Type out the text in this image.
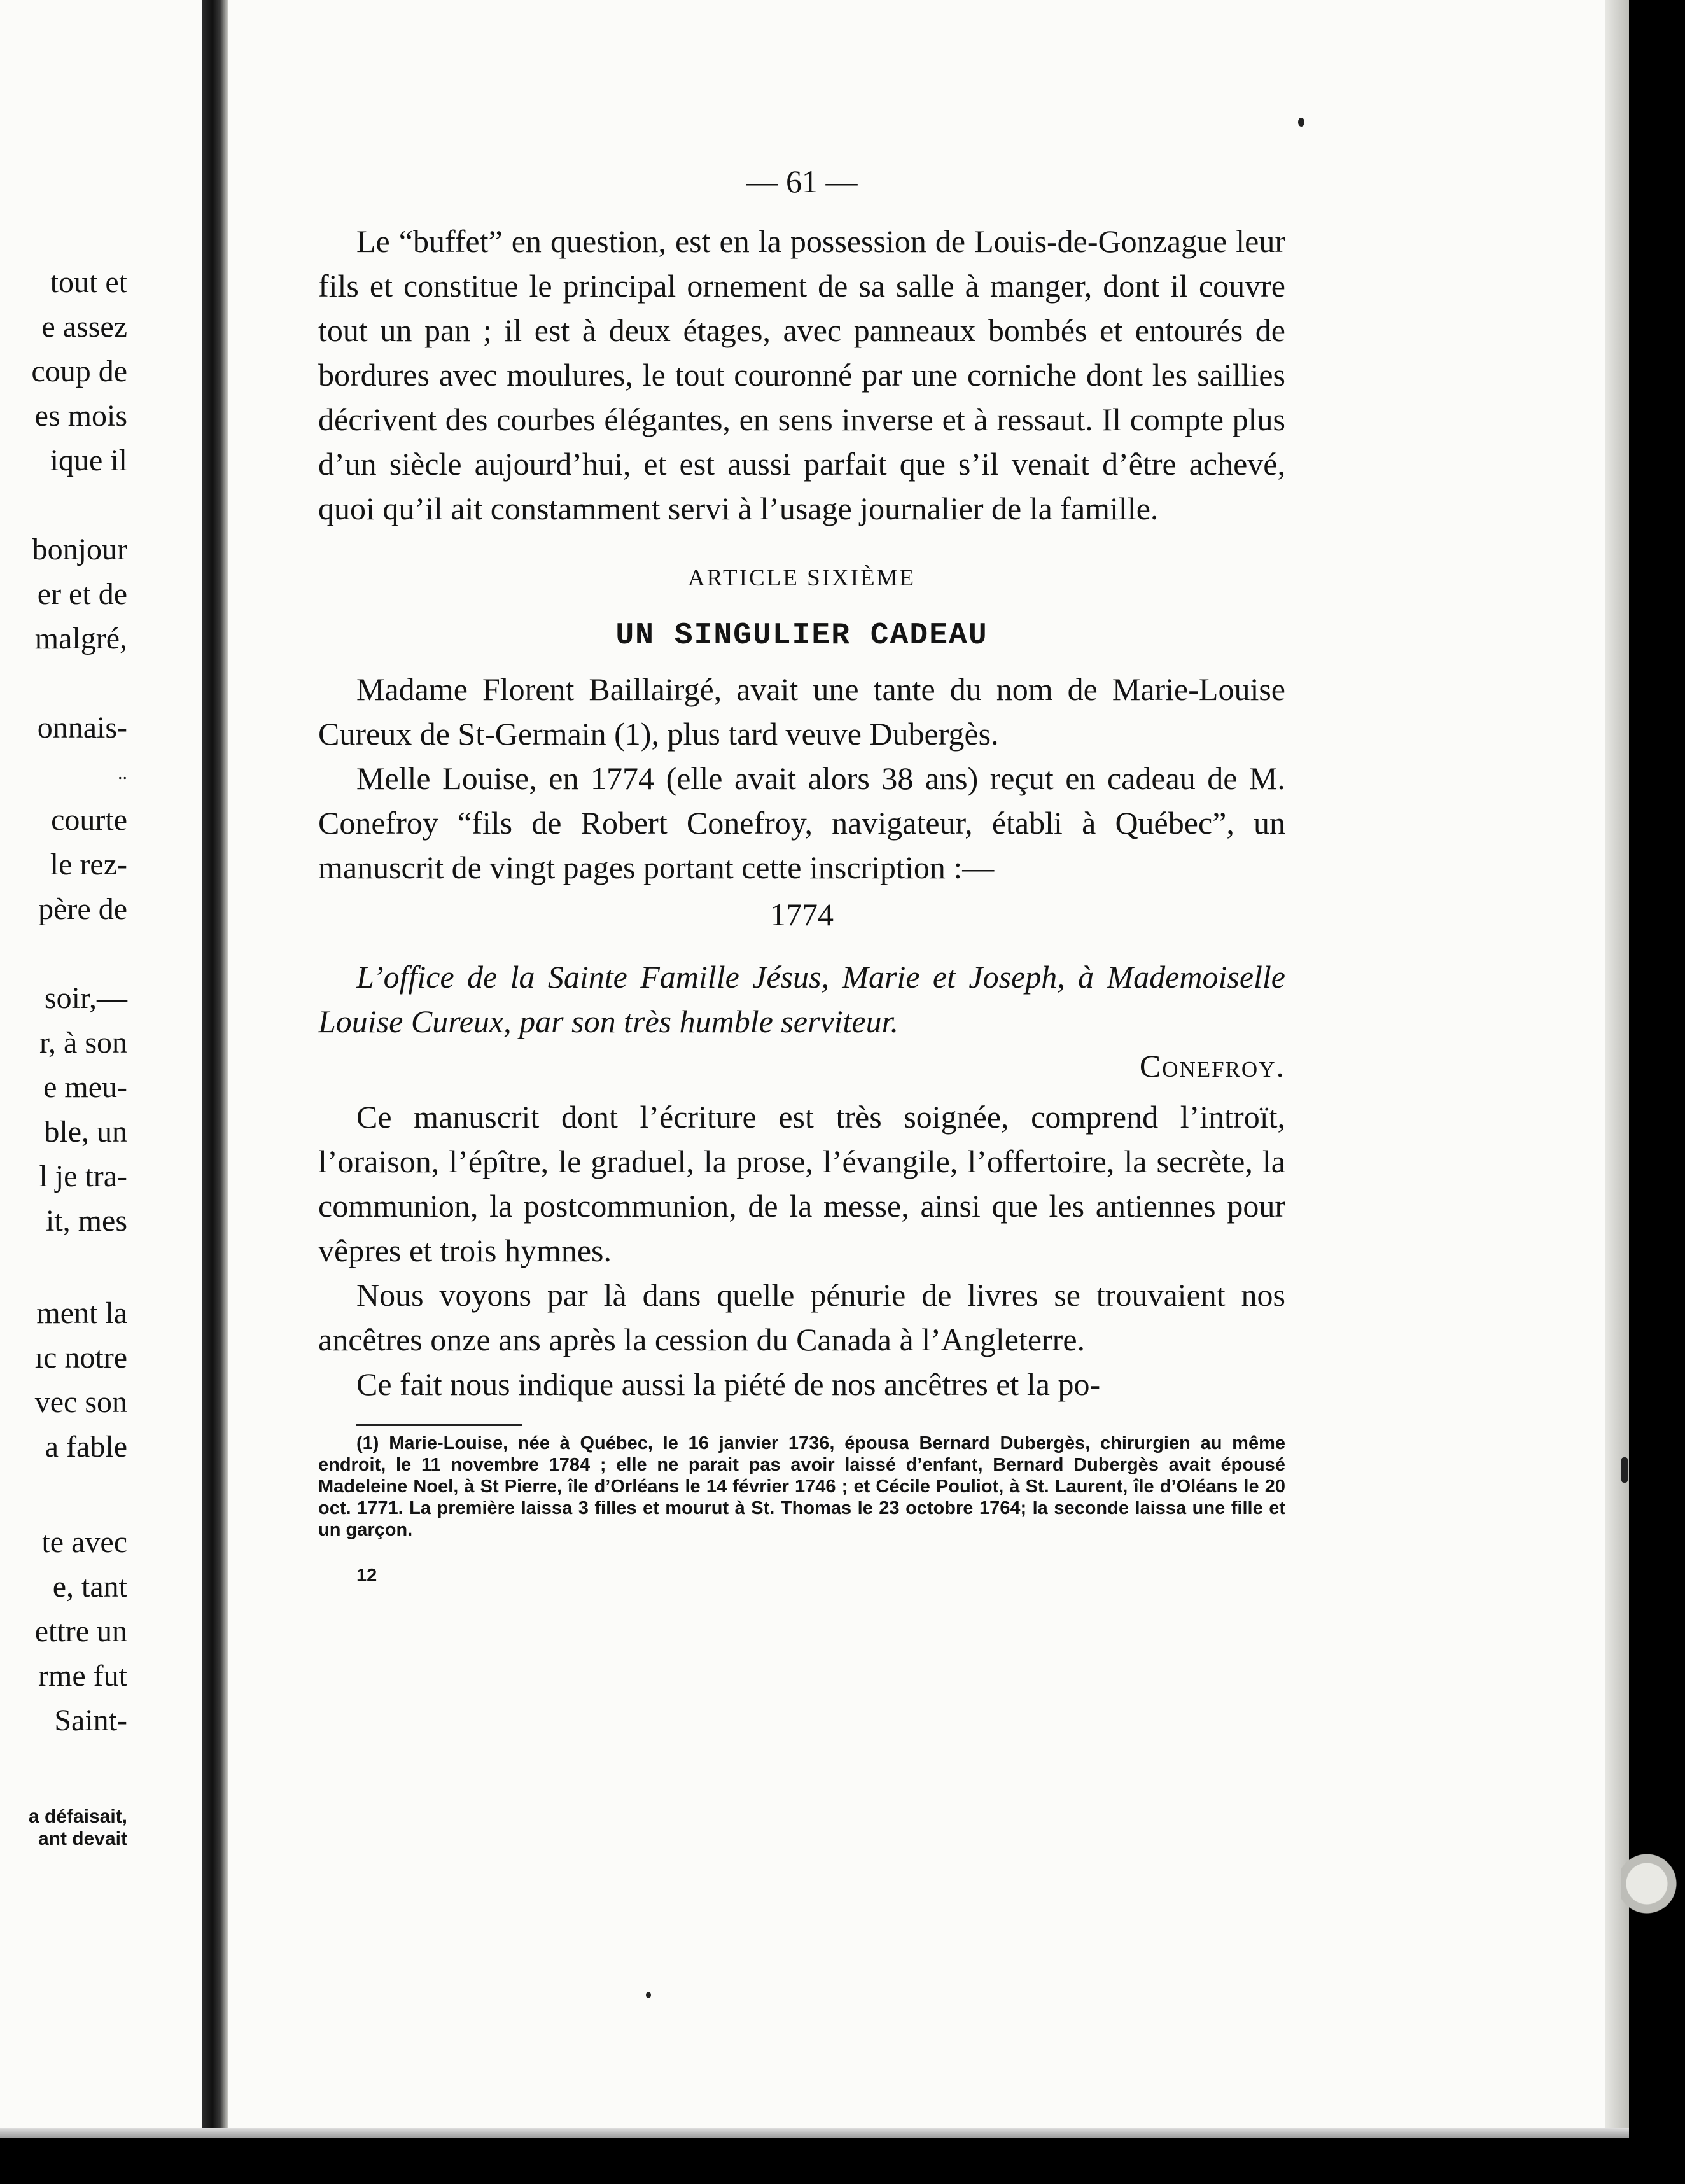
tout et
e assez
coup de
es mois
ique il
bonjour
er et de
malgré,
onnais-
..
courte
le rez-
père de
soir,—
r, à son
e meu-
ble, un
l je tra-
it, mes
ment la
ıc notre
vec son
a fable
te avec
e, tant
ettre un
rme fut
Saint-
a défaisait,
ant devait
— 61 —

Le “buffet” en question, est en la possession de Louis-de-Gonzague leur fils et constitue le principal ornement de sa salle à manger, dont il couvre tout un pan ; il est à deux étages, avec panneaux bombés et entourés de bordures avec moulures, le tout couronné par une corniche dont les saillies décrivent des courbes élégantes, en sens inverse et à ressaut. Il compte plus d’un siècle aujourd’hui, et est aussi parfait que s’il venait d’être achevé, quoi qu’il ait constamment servi à l’usage journalier de la famille.

ARTICLE SIXIÈME
UN SINGULIER CADEAU

Madame Florent Baillairgé, avait une tante du nom de Marie-Louise Cureux de St-Germain (1), plus tard veuve Dubergès.

Melle Louise, en 1774 (elle avait alors 38 ans) reçut en cadeau de M. Conefroy “fils de Robert Conefroy, navigateur, établi à Québec”, un manuscrit de vingt pages portant cette inscription :—

1774

L’office de la Sainte Famille Jésus, Marie et Joseph, à Mademoiselle Louise Cureux, par son très humble serviteur.

Conefroy.

Ce manuscrit dont l’écriture est très soignée, comprend l’introït, l’oraison, l’épître, le graduel, la prose, l’évangile, l’offertoire, la secrète, la communion, la postcommunion, de la messe, ainsi que les antiennes pour vêpres et trois hymnes.

Nous voyons par là dans quelle pénurie de livres se trouvaient nos ancêtres onze ans après la cession du Canada à l’Angleterre.

Ce fait nous indique aussi la piété de nos ancêtres et la po-

(1) Marie-Louise, née à Québec, le 16 janvier 1736, épousa Bernard Dubergès, chirurgien au même endroit, le 11 novembre 1784 ; elle ne parait pas avoir laissé d’enfant, Bernard Dubergès avait épousé Madeleine Noel, à St Pierre, île d’Orléans le 14 février 1746 ; et Cécile Pouliot, à St. Laurent, île d’Oléans le 20 oct. 1771. La première laissa 3 filles et mourut à St. Thomas le 23 octobre 1764; la seconde laissa une fille et un garçon.

12
